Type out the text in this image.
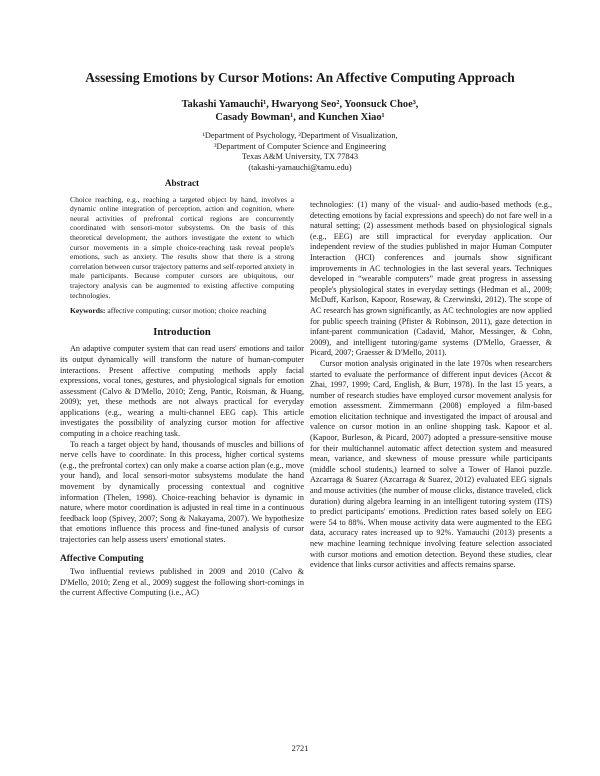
Assessing Emotions by Cursor Motions: An Affective Computing Approach
Takashi Yamauchi¹, Hwaryong Seo², Yoonsuck Choe³,
Casady Bowman¹, and Kunchen Xiao¹
¹Department of Psychology, ²Department of Visualization,
³Department of Computer Science and Engineering
Texas A&M University, TX 77843
(takashi-yamauchi@tamu.edu)
Abstract
Choice reaching, e.g., reaching a targeted object by hand, involves a dynamic online integration of perception, action and cognition, where neural activities of prefrontal cortical regions are concurrently coordinated with sensori-motor subsystems. On the basis of this theoretical development, the authors investigate the extent to which cursor movements in a simple choice-reaching task reveal people's emotions, such as anxiety. The results show that there is a strong correlation between cursor trajectory patterns and self-reported anxiety in male participants. Because computer cursors are ubiquitous, our trajectory analysis can be augmented to existing affective computing technologies.
Keywords: affective computing; cursor motion; choice reaching
Introduction

An adaptive computer system that can read users' emotions and tailor its output dynamically will transform the nature of human-computer interactions. Present affective computing methods apply facial expressions, vocal tones, gestures, and physiological signals for emotion assessment (Calvo & D'Mello, 2010; Zeng, Pantic, Roisman, & Huang, 2009); yet, these methods are not always practical for everyday applications (e.g., wearing a multi-channel EEG cap). This article investigates the possibility of analyzing cursor motion for affective computing in a choice reaching task.

To reach a target object by hand, thousands of muscles and billions of nerve cells have to coordinate. In this process, higher cortical systems (e.g., the prefrontal cortex) can only make a coarse action plan (e.g., move your hand), and local sensori-motor subsystems modulate the hand movement by dynamically processing contextual and cognitive information (Thelen, 1998). Choice-reaching behavior is dynamic in nature, where motor coordination is adjusted in real time in a continuous feedback loop (Spivey, 2007; Song & Nakayama, 2007). We hypothesize that emotions influence this process and fine-tuned analysis of cursor trajectories can help assess users' emotional states.

Affective Computing

Two influential reviews published in 2009 and 2010 (Calvo & D'Mello, 2010; Zeng et al., 2009) suggest the following short-comings in the current Affective Computing (i.e., AC)

technologies: (1) many of the visual- and audio-based methods (e.g., detecting emotions by facial expressions and speech) do not fare well in a natural setting; (2) assessment methods based on physiological signals (e.g., EEG) are still impractical for everyday application. Our independent review of the studies published in major Human Computer Interaction (HCI) conferences and journals show significant improvements in AC technologies in the last several years. Techniques developed in “wearable computers” made great progress in assessing people's physiological states in everyday settings (Hedman et al., 2009; McDuff, Karlson, Kapoor, Roseway, & Czerwinski, 2012). The scope of AC research has grown significantly, as AC technologies are now applied for public speech training (Pfister & Robinson, 2011), gaze detection in infant-parent communication (Cadavid, Mahor, Messinger, & Cohn, 2009), and intelligent tutoring/game systems (D'Mello, Graesser, & Picard, 2007; Graesser & D'Mello, 2011).

Cursor motion analysis originated in the late 1970s when researchers started to evaluate the performance of different input devices (Accot & Zhai, 1997, 1999; Card, English, & Burr, 1978). In the last 15 years, a number of research studies have employed cursor movement analysis for emotion assessment. Zimmermann (2008) employed a film-based emotion elicitation technique and investigated the impact of arousal and valence on cursor motion in an online shopping task. Kapoor et al. (Kapoor, Burleson, & Picard, 2007) adopted a pressure-sensitive mouse for their multichannel automatic affect detection system and measured mean, variance, and skewness of mouse pressure while participants (middle school students,) learned to solve a Tower of Hanoi puzzle. Azcarraga & Suarez (Azcarraga & Suarez, 2012) evaluated EEG signals and mouse activities (the number of mouse clicks, distance traveled, click duration) during algebra learning in an intelligent tutoring system (ITS) to predict participants' emotions. Prediction rates based solely on EEG were 54 to 88%. When mouse activity data were augmented to the EEG data, accuracy rates increased up to 92%. Yamauchi (2013) presents a new machine learning technique involving feature selection associated with cursor motions and emotion detection. Beyond these studies, clear evidence that links cursor activities and affects remains sparse.

2721
